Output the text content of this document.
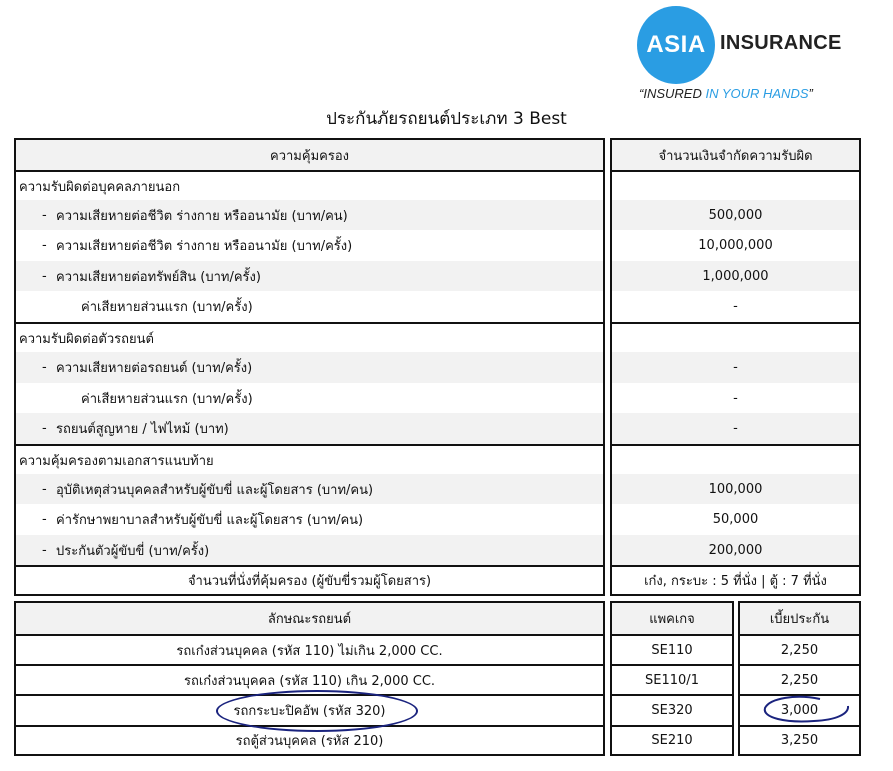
ASIA INSURANCE
“INSURED IN YOUR HANDS”
ประกันภัยรถยนต์ประเภท 3 Best
ความคุ้มครอง
ความรับผิดต่อบุคคลภายนอก
- ความเสียหายต่อชีวิต ร่างกาย หรืออนามัย (บาท/คน)
- ความเสียหายต่อชีวิต ร่างกาย หรืออนามัย (บาท/ครั้ง)
- ความเสียหายต่อทรัพย์สิน (บาท/ครั้ง)
ค่าเสียหายส่วนแรก (บาท/ครั้ง)
ความรับผิดต่อตัวรถยนต์
- ความเสียหายต่อรถยนต์ (บาท/ครั้ง)
ค่าเสียหายส่วนแรก (บาท/ครั้ง)
- รถยนต์สูญหาย / ไฟไหม้ (บาท)
ความคุ้มครองตามเอกสารแนบท้าย
- อุบัติเหตุส่วนบุคคลสำหรับผู้ขับขี่ และผู้โดยสาร (บาท/คน)
- ค่ารักษาพยาบาลสำหรับผู้ขับขี่ และผู้โดยสาร (บาท/คน)
- ประกันตัวผู้ขับขี่ (บาท/ครั้ง)
จำนวนที่นั่งที่คุ้มครอง (ผู้ขับขี่รวมผู้โดยสาร)
จำนวนเงินจำกัดความรับผิด
500,000
10,000,000
1,000,000
-
-
-
-
100,000
50,000
200,000
เก๋ง, กระบะ : 5 ที่นั่ง | ตู้ : 7 ที่นั่ง
ลักษณะรถยนต์
รถเก๋งส่วนบุคคล (รหัส 110) ไม่เกิน 2,000 CC.
รถเก๋งส่วนบุคคล (รหัส 110) เกิน 2,000 CC.
รถกระบะปิคอัพ (รหัส 320)
รถตู้ส่วนบุคคล (รหัส 210)
แพคเกจ
SE110
SE110/1
SE320
SE210
เบี้ยประกัน
2,250
2,250
3,000
3,250
